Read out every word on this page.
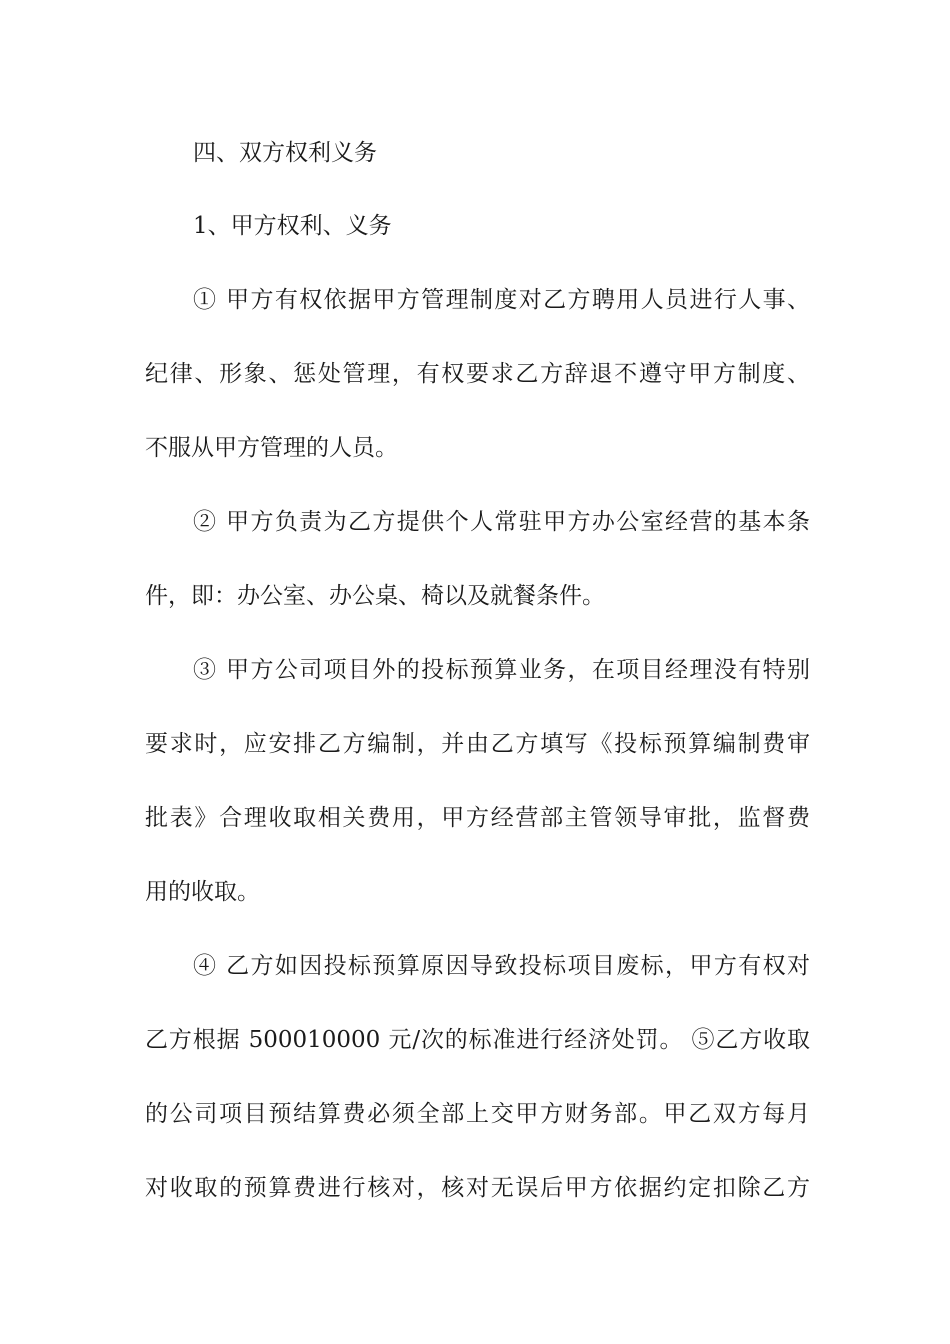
四、双方权利义务
1、甲方权利、义务
① 甲方有权依据甲方管理制度对乙方聘用人员进行人事、
纪律、形象、惩处管理，有权要求乙方辞退不遵守甲方制度、
不服从甲方管理的人员。
② 甲方负责为乙方提供个人常驻甲方办公室经营的基本条
件，即：办公室、办公桌、椅以及就餐条件。
③ 甲方公司项目外的投标预算业务，在项目经理没有特别
要求时，应安排乙方编制，并由乙方填写《投标预算编制费审
批表》合理收取相关费用，甲方经营部主管领导审批，监督费
用的收取。
④ 乙方如因投标预算原因导致投标项目废标，甲方有权对
乙方根据 500010000 元/次的标准进行经济处罚。 ⑤乙方收取
的公司项目预结算费必须全部上交甲方财务部。甲乙双方每月
对收取的预算费进行核对，核对无误后甲方依据约定扣除乙方
